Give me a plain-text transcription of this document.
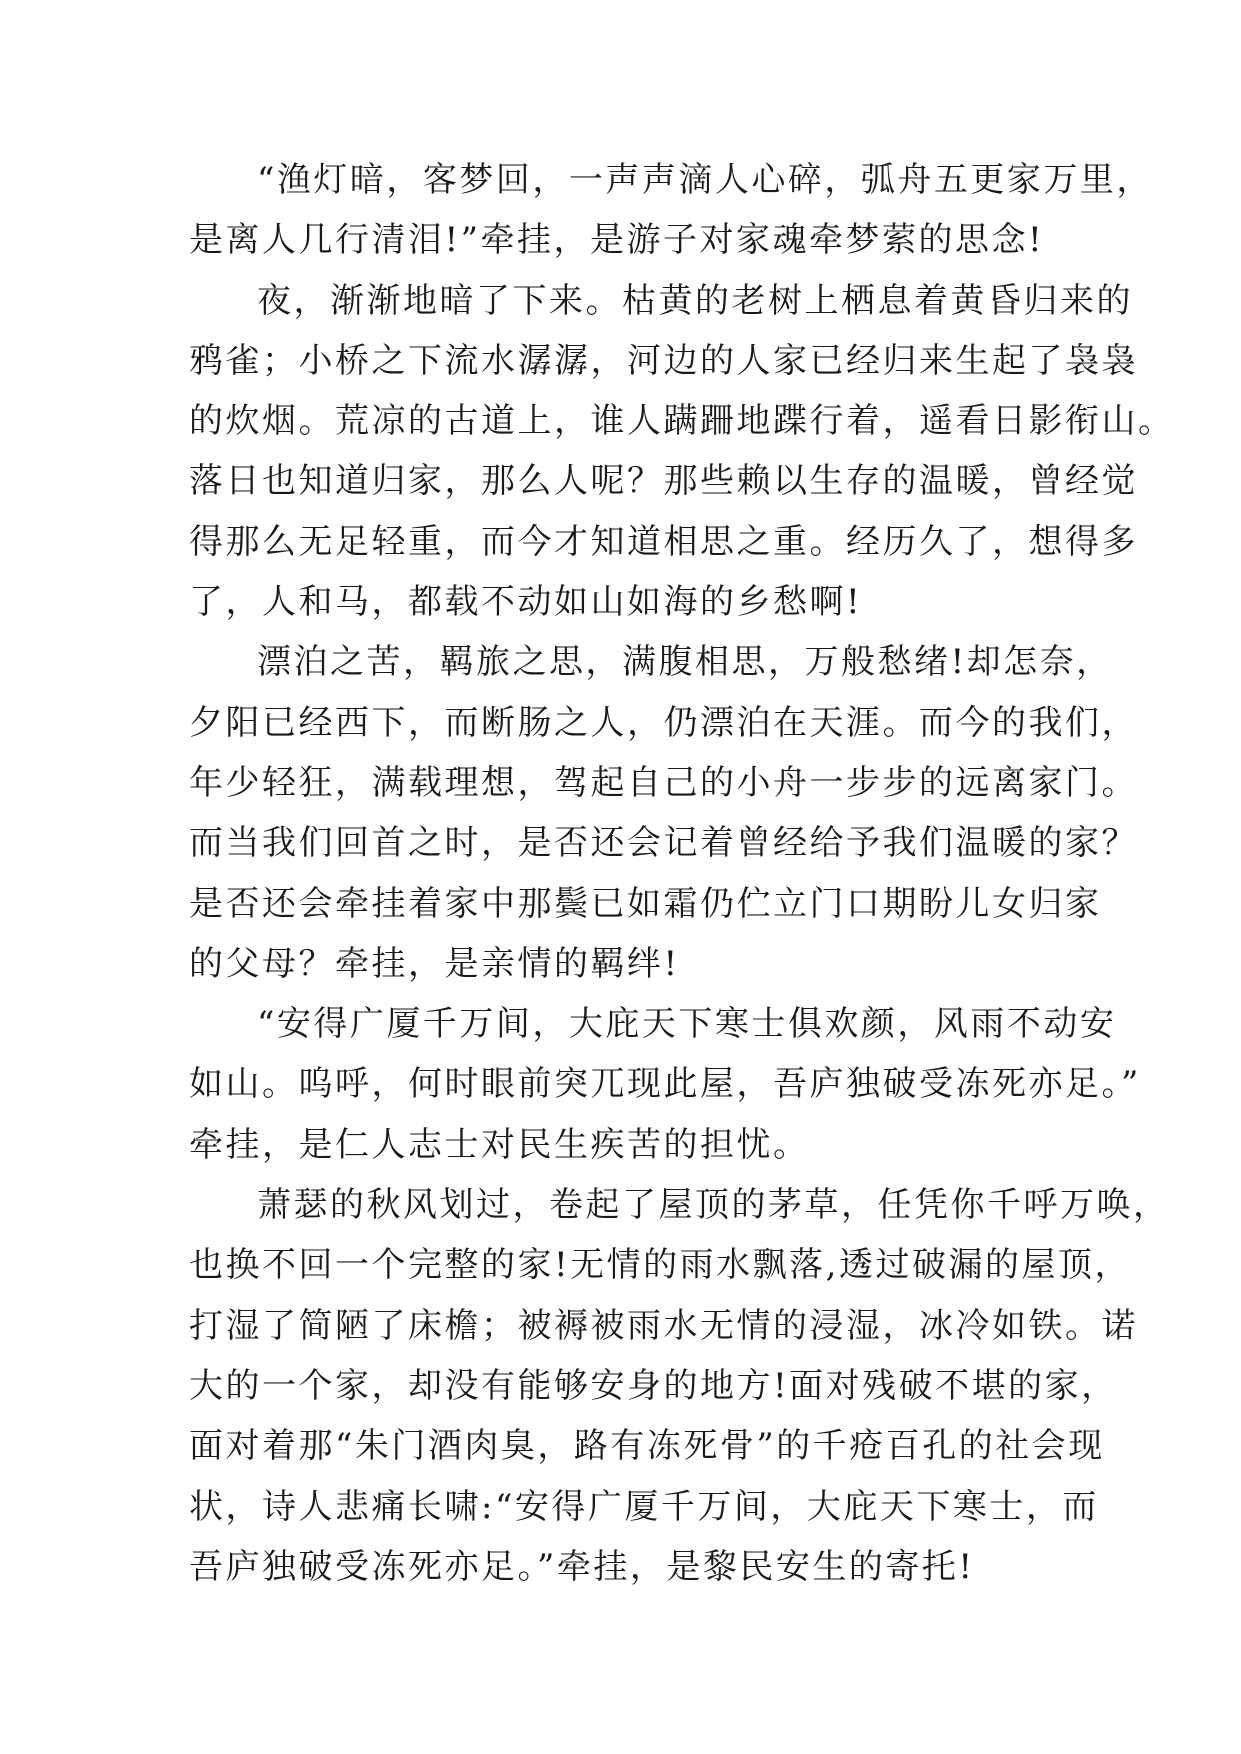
“渔灯暗，客梦回，一声声滴人心碎，弧舟五更家万里，
是离人几行清泪!”牵挂，是游子对家魂牵梦萦的思念!
夜，渐渐地暗了下来。枯黄的老树上栖息着黄昏归来的
鸦雀；小桥之下流水潺潺，河边的人家已经归来生起了袅袅
的炊烟。荒凉的古道上，谁人蹒跚地蹀行着，遥看日影衔山。
落日也知道归家，那么人呢？那些赖以生存的温暖，曾经觉
得那么无足轻重，而今才知道相思之重。经历久了，想得多
了，人和马，都载不动如山如海的乡愁啊!
漂泊之苦，羁旅之思，满腹相思，万般愁绪!却怎奈，
夕阳已经西下，而断肠之人，仍漂泊在天涯。而今的我们，
年少轻狂，满载理想，驾起自己的小舟一步步的远离家门。
而当我们回首之时，是否还会记着曾经给予我们温暖的家？
是否还会牵挂着家中那鬓已如霜仍伫立门口期盼儿女归家
的父母？牵挂，是亲情的羁绊!
“安得广厦千万间，大庇天下寒士俱欢颜，风雨不动安
如山。呜呼，何时眼前突兀现此屋，吾庐独破受冻死亦足。”
牵挂，是仁人志士对民生疾苦的担忧。
萧瑟的秋风划过，卷起了屋顶的茅草，任凭你千呼万唤，
也换不回一个完整的家!无情的雨水飘落,透过破漏的屋顶，
打湿了简陋了床檐；被褥被雨水无情的浸湿，冰冷如铁。诺
大的一个家，却没有能够安身的地方!面对残破不堪的家，
面对着那“朱门酒肉臭，路有冻死骨”的千疮百孔的社会现
状，诗人悲痛长啸:“安得广厦千万间，大庇天下寒士，而
吾庐独破受冻死亦足。”牵挂，是黎民安生的寄托!
